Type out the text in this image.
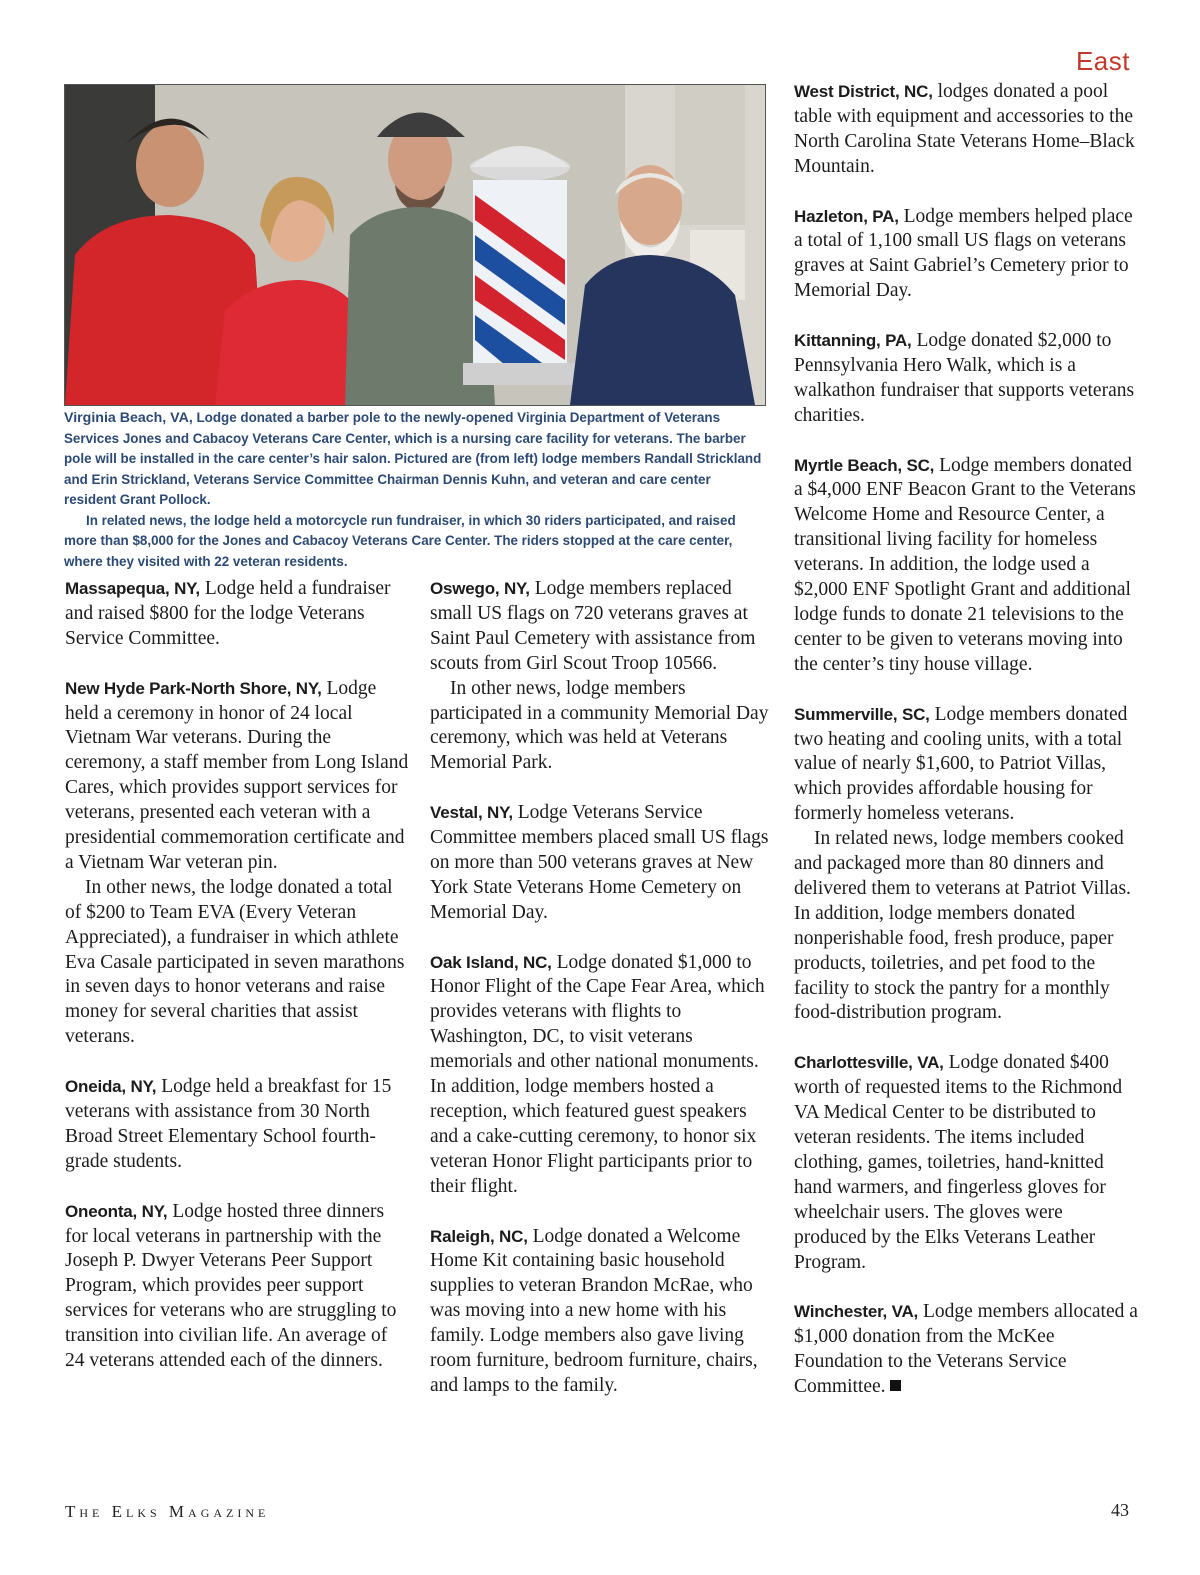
East

Virginia Beach, VA, Lodge donated a barber pole to the newly-opened Virginia Department of Veterans Services Jones and Cabacoy Veterans Care Center, which is a nursing care facility for veterans. The barber pole will be installed in the care center’s hair salon. Pictured are (from left) lodge members Randall Strickland and Erin Strickland, Veterans Service Committee Chairman Dennis Kuhn, and veteran and care center resident Grant Pollock.

In related news, the lodge held a motorcycle run fundraiser, in which 30 riders participated, and raised more than $8,000 for the Jones and Cabacoy Veterans Care Center. The riders stopped at the care center, where they visited with 22 veteran residents.

Massapequa, NY, Lodge held a fundraiser and raised $800 for the lodge Veterans Service Committee.

New Hyde Park-North Shore, NY, Lodge held a ceremony in honor of 24 local Vietnam War veterans. During the ceremony, a staff member from Long Island Cares, which provides support services for veterans, presented each veteran with a presidential commemoration certificate and a Vietnam War veteran pin.

In other news, the lodge donated a total of $200 to Team EVA (Every Veteran Appreciated), a fundraiser in which athlete Eva Casale participated in seven marathons in seven days to honor veterans and raise money for several charities that assist veterans.

Oneida, NY, Lodge held a breakfast for 15 veterans with assistance from 30 North Broad Street Elementary School fourth-grade students.

Oneonta, NY, Lodge hosted three dinners for local veterans in partnership with the Joseph P. Dwyer Veterans Peer Support Program, which provides peer support services for veterans who are struggling to transition into civilian life. An average of 24 veterans attended each of the dinners.

Oswego, NY, Lodge members replaced small US flags on 720 veterans graves at Saint Paul Cemetery with assistance from scouts from Girl Scout Troop 10566.

In other news, lodge members participated in a community Memorial Day ceremony, which was held at Veterans Memorial Park.

Vestal, NY, Lodge Veterans Service Committee members placed small US flags on more than 500 veterans graves at New York State Veterans Home Cemetery on Memorial Day.

Oak Island, NC, Lodge donated $1,000 to Honor Flight of the Cape Fear Area, which provides veterans with flights to Washington, DC, to visit veterans memorials and other national monuments. In addition, lodge members hosted a reception, which featured guest speakers and a cake-cutting ceremony, to honor six veteran Honor Flight participants prior to their flight.

Raleigh, NC, Lodge donated a Welcome Home Kit containing basic household supplies to veteran Brandon McRae, who was moving into a new home with his family. Lodge members also gave living room furniture, bedroom furniture, chairs, and lamps to the family.

West District, NC, lodges donated a pool table with equipment and accessories to the North Carolina State Veterans Home–Black Mountain.

Hazleton, PA, Lodge members helped place a total of 1,100 small US flags on veterans graves at Saint Gabriel’s Cemetery prior to Memorial Day.

Kittanning, PA, Lodge donated $2,000 to Pennsylvania Hero Walk, which is a walkathon fundraiser that supports veterans charities.

Myrtle Beach, SC, Lodge members donated a $4,000 ENF Beacon Grant to the Veterans Welcome Home and Resource Center, a transitional living facility for homeless veterans. In addition, the lodge used a $2,000 ENF Spotlight Grant and additional lodge funds to donate 21 televisions to the center to be given to veterans moving into the center’s tiny house village.

Summerville, SC, Lodge members donated two heating and cooling units, with a total value of nearly $1,600, to Patriot Villas, which provides affordable housing for formerly homeless veterans.

In related news, lodge members cooked and packaged more than 80 dinners and delivered them to veterans at Patriot Villas. In addition, lodge members donated nonperishable food, fresh produce, paper products, toiletries, and pet food to the facility to stock the pantry for a monthly food-distribution program.

Charlottesville, VA, Lodge donated $400 worth of requested items to the Richmond VA Medical Center to be distributed to veteran residents. The items included clothing, games, toiletries, hand-knitted hand warmers, and fingerless gloves for wheelchair users. The gloves were produced by the Elks Veterans Leather Program.

Winchester, VA, Lodge members allocated a $1,000 donation from the McKee Foundation to the Veterans Service Committee.

The Elks Magazine	43
